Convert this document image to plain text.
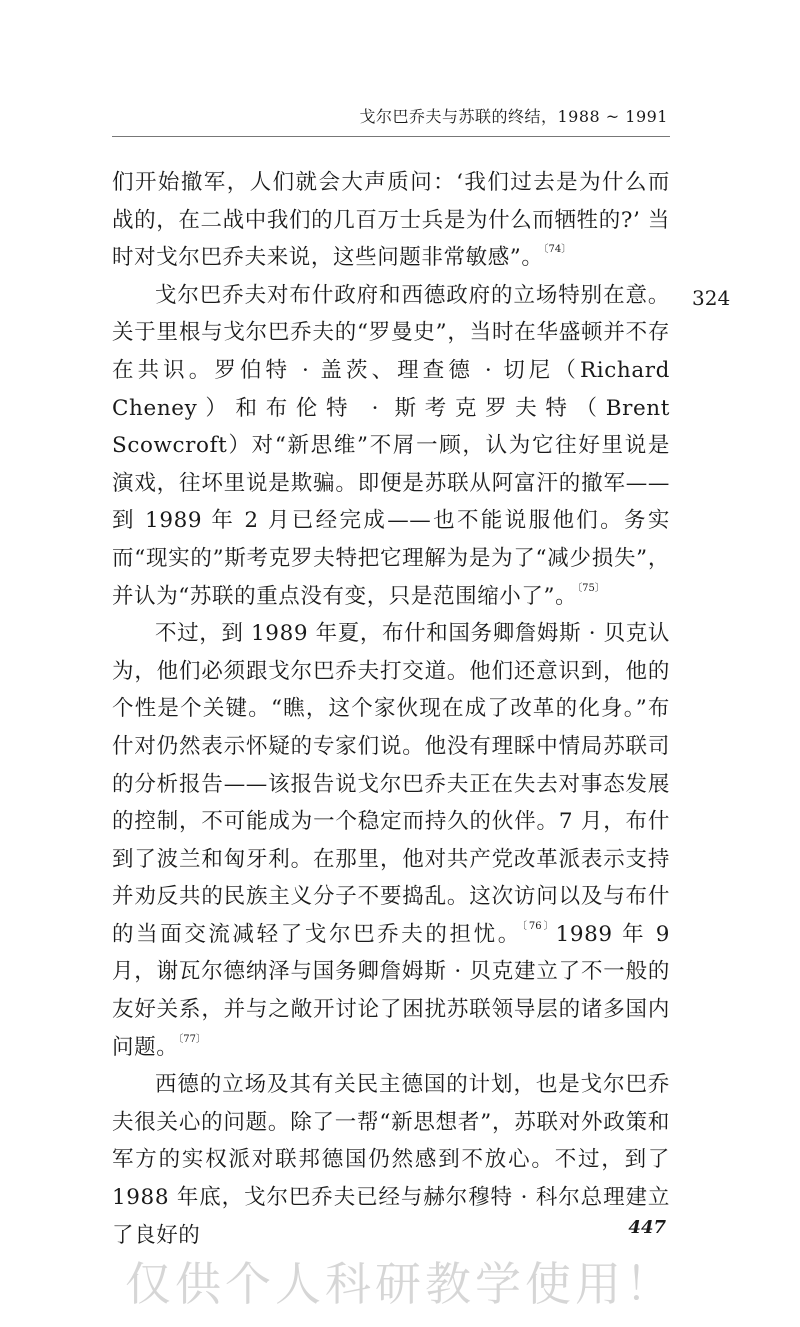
戈尔巴乔夫与苏联的终结，1988 ~ 1991

们开始撤军，人们就会大声质问：‘我们过去是为什么而战的，在二战中我们的几百万士兵是为什么而牺牲的?’ 当时对戈尔巴乔夫来说，这些问题非常敏感”。$^{〔74〕}$

戈尔巴乔夫对布什政府和西德政府的立场特别在意。关于里根与戈尔巴乔夫的“罗曼史”，当时在华盛顿并不存在共识。罗伯特 · 盖茨、理查德 · 切尼（Richard Cheney）和布伦特 · 斯考克罗夫特（Brent Scowcroft）对“新思维”不屑一顾，认为它往好里说是演戏，往坏里说是欺骗。即便是苏联从阿富汗的撤军——到 1989 年 2 月已经完成——也不能说服他们。务实而“现实的”斯考克罗夫特把它理解为是为了“减少损失”，并认为“苏联的重点没有变，只是范围缩小了”。$^{〔75〕}$

不过，到 1989 年夏，布什和国务卿詹姆斯 · 贝克认为，他们必须跟戈尔巴乔夫打交道。他们还意识到，他的个性是个关键。“瞧，这个家伙现在成了改革的化身。”布什对仍然表示怀疑的专家们说。他没有理睬中情局苏联司的分析报告——该报告说戈尔巴乔夫正在失去对事态发展的控制，不可能成为一个稳定而持久的伙伴。7 月，布什到了波兰和匈牙利。在那里，他对共产党改革派表示支持并劝反共的民族主义分子不要捣乱。这次访问以及与布什的当面交流减轻了戈尔巴乔夫的担忧。$^{〔76〕}$1989 年 9 月，谢瓦尔德纳泽与国务卿詹姆斯 · 贝克建立了不一般的友好关系，并与之敞开讨论了困扰苏联领导层的诸多国内问题。$^{〔77〕}$

西德的立场及其有关民主德国的计划，也是戈尔巴乔夫很关心的问题。除了一帮“新思想者”，苏联对外政策和军方的实权派对联邦德国仍然感到不放心。不过，到了 1988 年底，戈尔巴乔夫已经与赫尔穆特 · 科尔总理建立了良好的

324
447
仅供个人科研教学使用！
